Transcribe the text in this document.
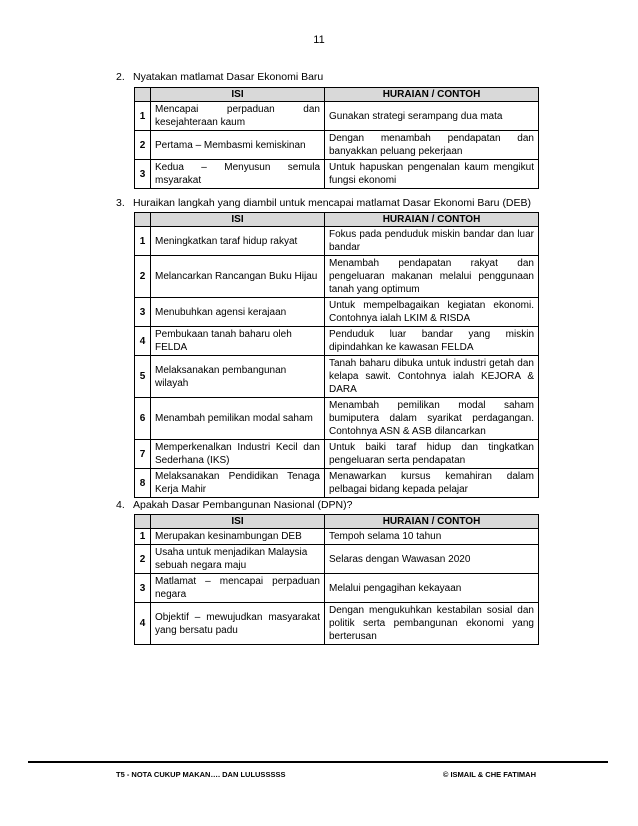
11
2. Nyatakan matlamat Dasar Ekonomi Baru
	ISI	HURAIAN / CONTOH
1	Mencapai perpaduan dan kesejahteraan kaum	Gunakan strategi serampang dua mata
2	Pertama – Membasmi kemiskinan	Dengan menambah pendapatan dan banyakkan peluang pekerjaan
3	Kedua – Menyusun semula msyarakat	Untuk hapuskan pengenalan kaum mengikut fungsi ekonomi
3. Huraikan langkah yang diambil untuk mencapai matlamat Dasar Ekonomi Baru (DEB)
	ISI	HURAIAN / CONTOH
1	Meningkatkan taraf hidup rakyat	Fokus pada penduduk miskin bandar dan luar bandar
2	Melancarkan Rancangan Buku Hijau	Menambah pendapatan rakyat dan pengeluaran makanan melalui penggunaan tanah yang optimum
3	Menubuhkan agensi kerajaan	Untuk mempelbagaikan kegiatan ekonomi. Contohnya ialah LKIM & RISDA
4	Pembukaan tanah baharu oleh FELDA	Penduduk luar bandar yang miskin dipindahkan ke kawasan FELDA
5	Melaksanakan pembangunan wilayah	Tanah baharu dibuka untuk industri getah dan kelapa sawit. Contohnya ialah KEJORA & DARA
6	Menambah pemilikan modal saham	Menambah pemilikan modal saham bumiputera dalam syarikat perdagangan. Contohnya ASN & ASB dilancarkan
7	Memperkenalkan Industri Kecil dan Sederhana (IKS)	Untuk baiki taraf hidup dan tingkatkan pengeluaran serta pendapatan
8	Melaksanakan Pendidikan Tenaga Kerja Mahir	Menawarkan kursus kemahiran dalam pelbagai bidang kepada pelajar
4. Apakah Dasar Pembangunan Nasional (DPN)?
	ISI	HURAIAN / CONTOH
1	Merupakan kesinambungan DEB	Tempoh selama 10 tahun
2	Usaha untuk menjadikan Malaysia sebuah negara maju	Selaras dengan Wawasan 2020
3	Matlamat – mencapai perpaduan negara	Melalui pengagihan kekayaan
4	Objektif – mewujudkan masyarakat yang bersatu padu	Dengan mengukuhkan kestabilan sosial dan politik serta pembangunan ekonomi yang berterusan
T5 - NOTA CUKUP MAKAN…. DAN LULUSSSSS	© ISMAIL & CHE FATIMAH
